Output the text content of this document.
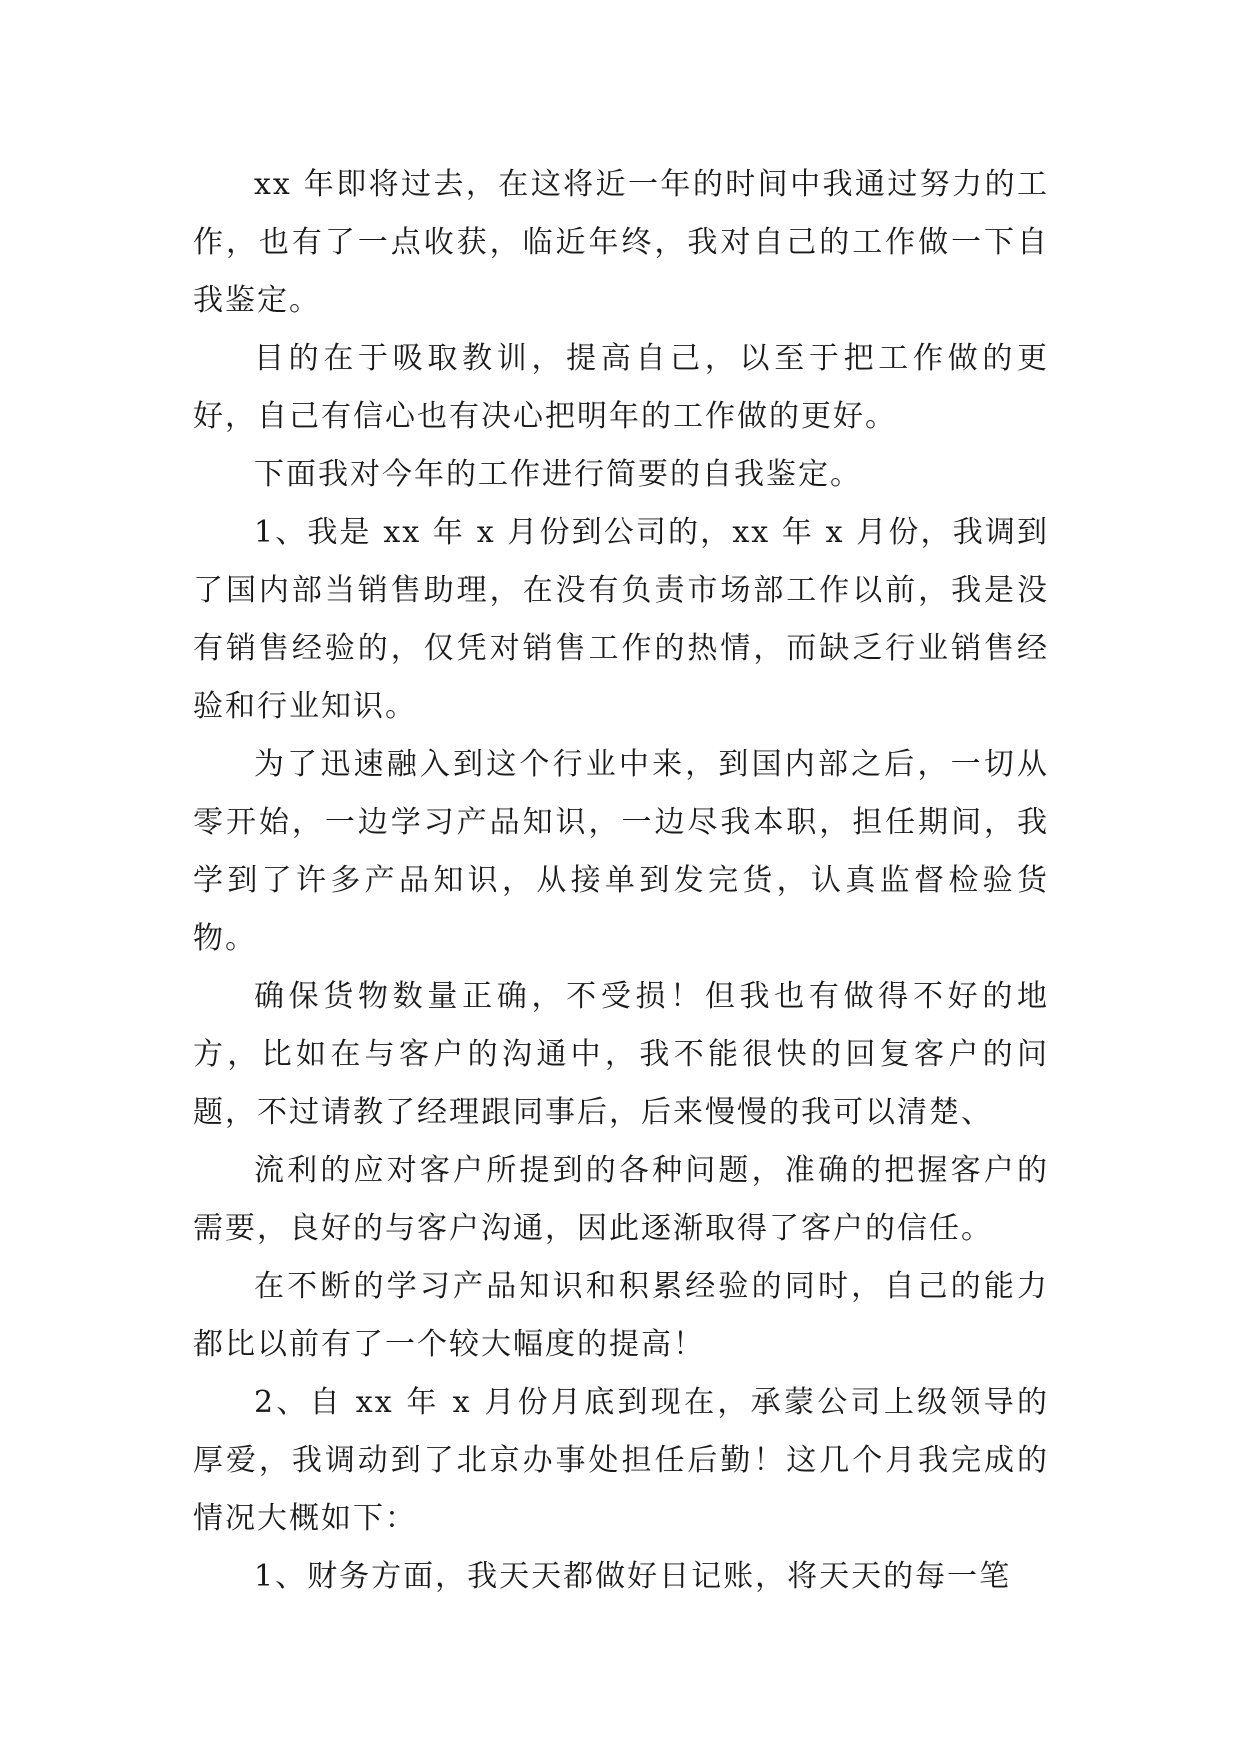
xx 年即将过去，在这将近一年的时间中我通过努力的工作，也有了一点收获，临近年终，我对自己的工作做一下自我鉴定。

目的在于吸取教训，提高自己，以至于把工作做的更好，自己有信心也有决心把明年的工作做的更好。

下面我对今年的工作进行简要的自我鉴定。

1、我是 xx 年 x 月份到公司的，xx 年 x 月份，我调到了国内部当销售助理，在没有负责市场部工作以前，我是没有销售经验的，仅凭对销售工作的热情，而缺乏行业销售经验和行业知识。

为了迅速融入到这个行业中来，到国内部之后，一切从零开始，一边学习产品知识，一边尽我本职，担任期间，我学到了许多产品知识，从接单到发完货，认真监督检验货物。

确保货物数量正确，不受损！但我也有做得不好的地方，比如在与客户的沟通中，我不能很快的回复客户的问题，不过请教了经理跟同事后，后来慢慢的我可以清楚、

流利的应对客户所提到的各种问题，准确的把握客户的需要，良好的与客户沟通，因此逐渐取得了客户的信任。

在不断的学习产品知识和积累经验的同时，自己的能力都比以前有了一个较大幅度的提高！

2、自 xx 年 x 月份月底到现在，承蒙公司上级领导的厚爱，我调动到了北京办事处担任后勤！这几个月我完成的情况大概如下：

1、财务方面，我天天都做好日记账，将天天的每一笔
